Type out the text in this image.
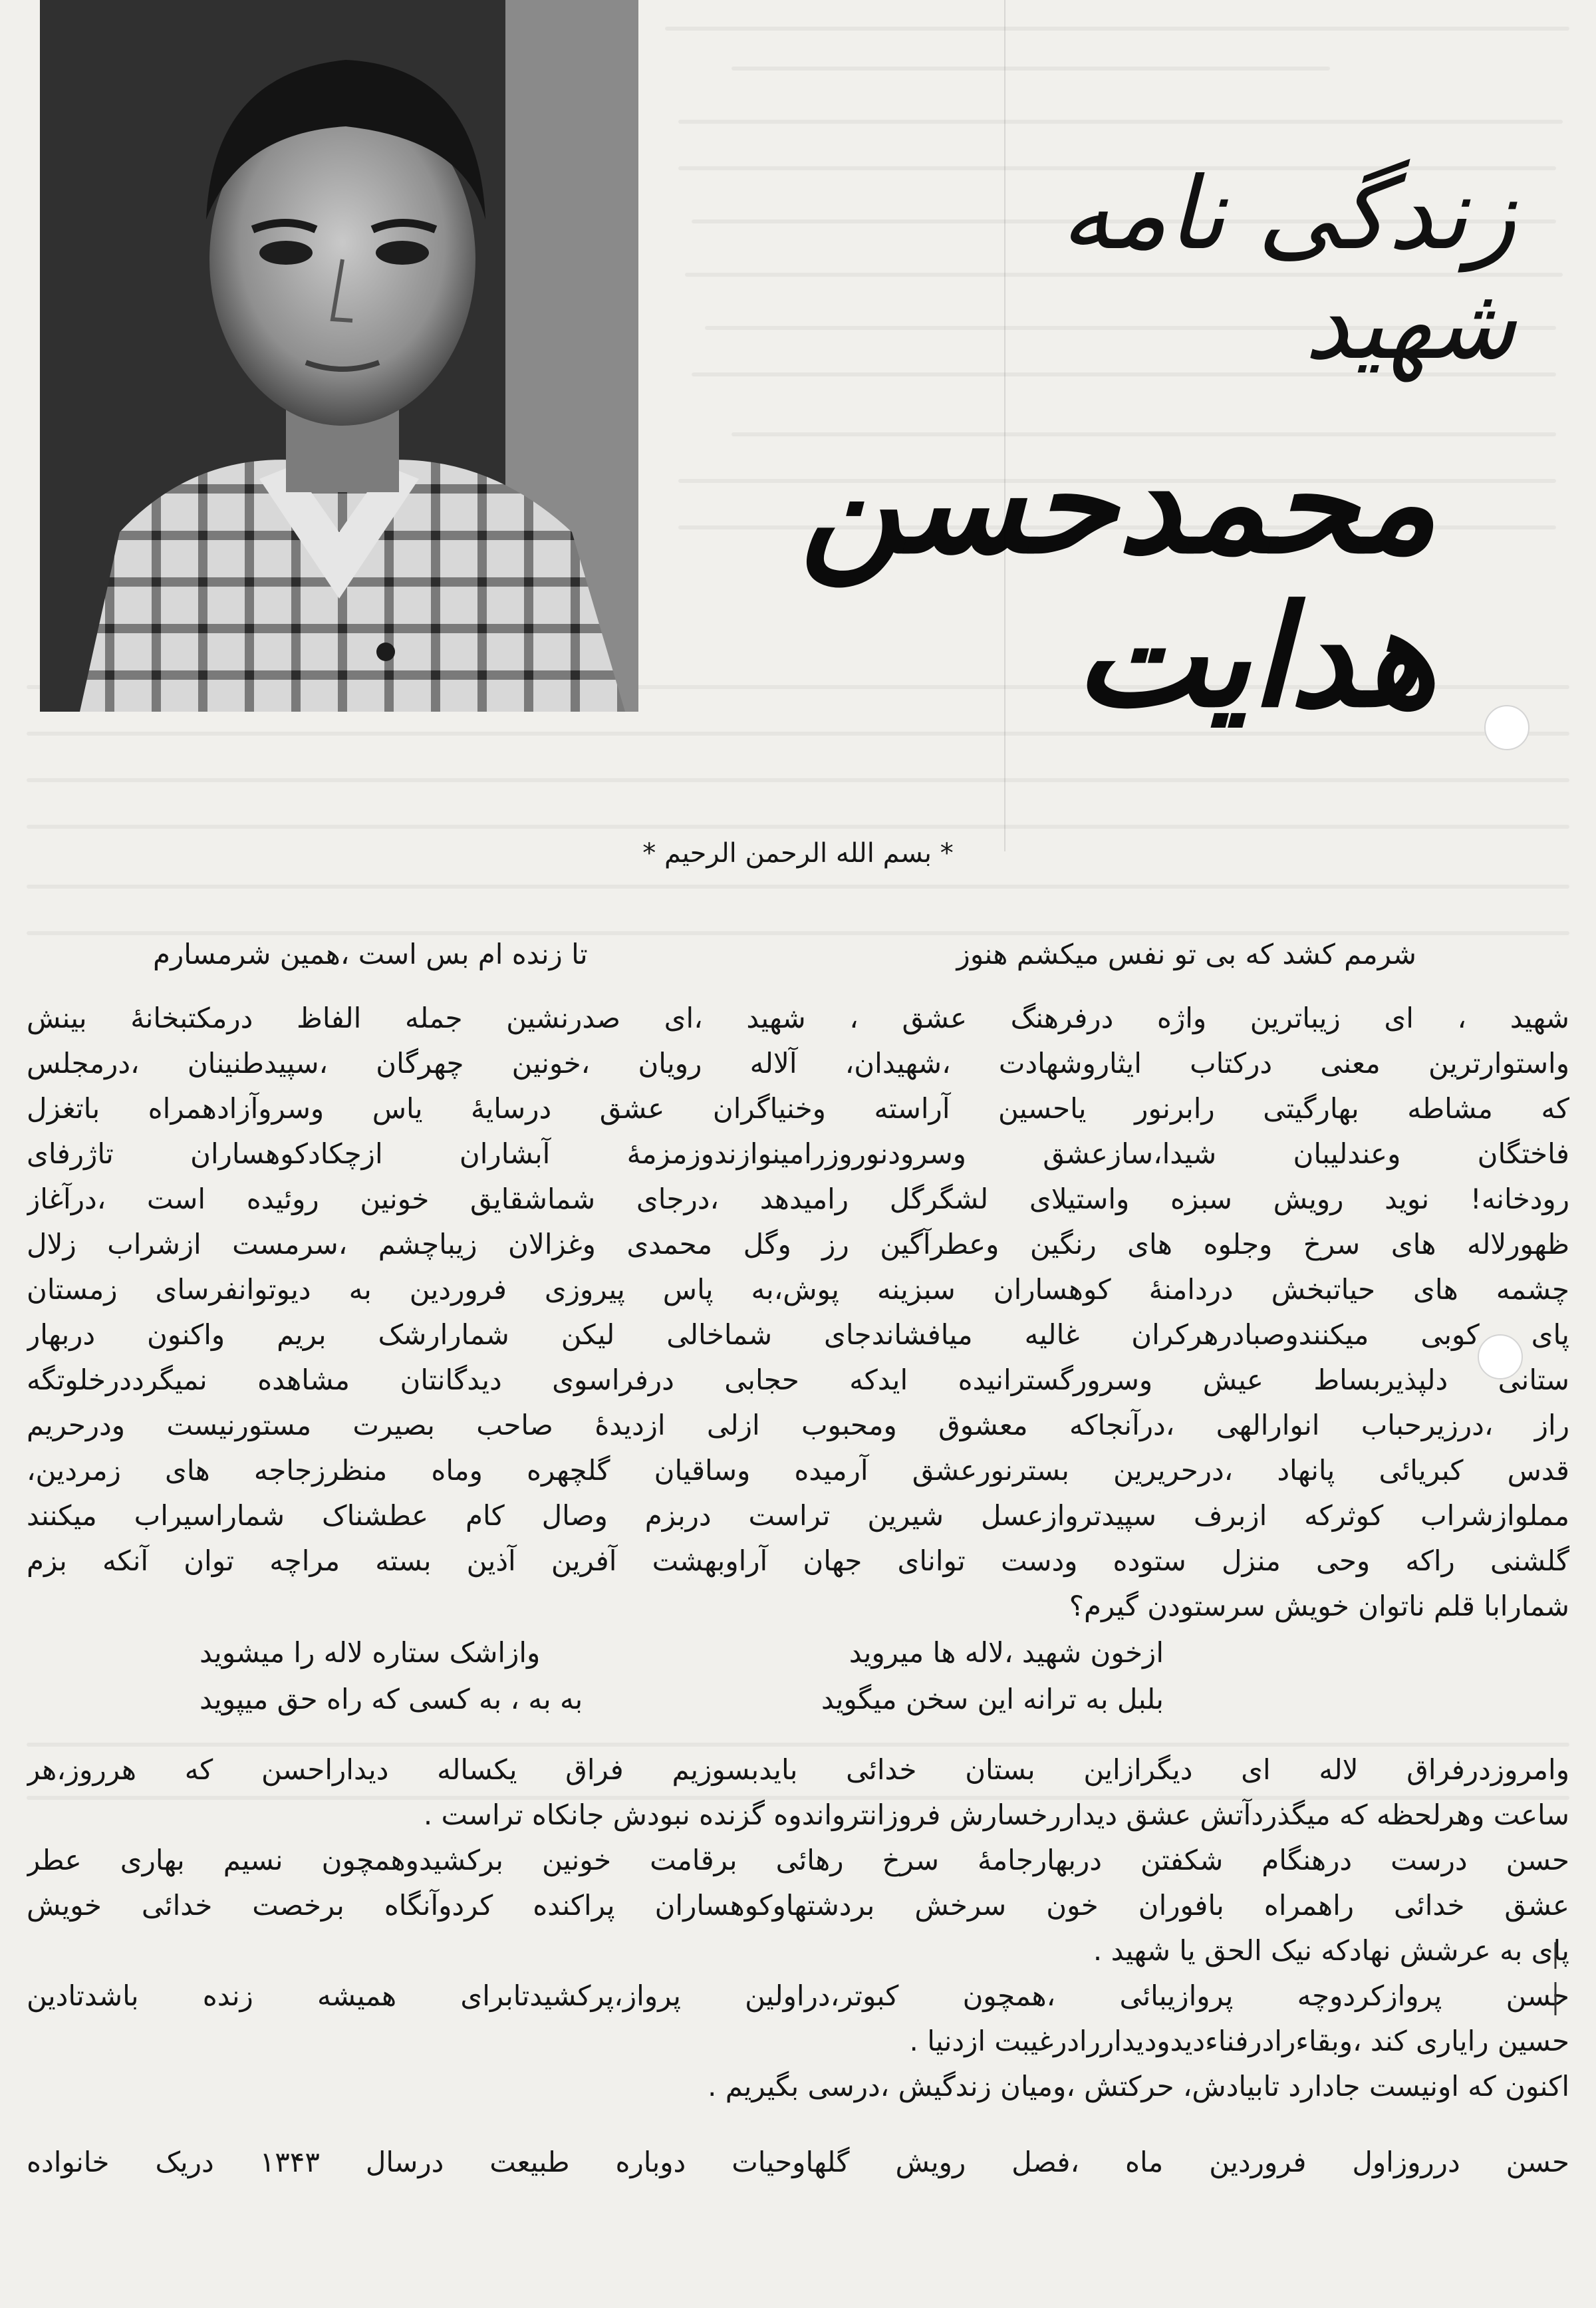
زندگی نامه شهید
محمدحسن هدایت
* بسم الله الرحمن الرحیم *
شرمم کشد که بی تو نفس میکشم هنوز
تا زنده ام بس است ،همین شرمسارم
شهید ، ای زیباترین واژه درفرهنگ عشق ، شهید ،ای صدرنشین جمله الفاظ درمکتبخانهٔ بینش
واستوارترین معنی درکتاب ایثاروشهادت ،شهیدان، آلاله رویان ،خونین چهرگان ،سپیدطنینان ،درمجلس
که مشاطه بهارگیتی رابرنور یاحسین آراسته وخنیاگران عشق درسایهٔ یاس وسروآزادهمراه باتغزل
فاختگان وعندلیبان شیدا،سازعشق وسرودنوروزرامینوازندوزمزمهٔ آبشاران ازچکادکوهساران تاژرفای
رودخانه! نوید رویش سبزه واستیلای لشگرگل رامیدهد ،درجای شماشقایق خونین روئیده است ،درآغاز
ظهورلاله های سرخ وجلوه های رنگین وعطرآگین رز وگل محمدی وغزالان زیباچشم ،سرمست ازشراب زلال
چشمه های حیاتبخش دردامنهٔ کوهساران سبزینه پوش،به پاس پیروزی فروردین به دیوتوانفرسای زمستان
پای کوبی میکنندوصبادرهرکران غالیه میافشاندجای شماخالی لیکن شمارارشک بریم واکنون دربهار
ستانی دلپذیربساط عیش وسرورگسترانیده ایدکه حجابی درفراسوی دیدگانتان مشاهده نمیگرددرخلوتگه
راز ،درزیرحباب انوارالهی ،درآنجاکه معشوق ومحبوب ازلی ازدیدهٔ صاحب بصیرت مستورنیست ودرحریم
قدس کبریائی پانهاد ،درحریرین بسترنورعشق آرمیده وساقیان گلچهره وماه منظرزجاجه های زمردین،
مملوازشراب کوثرکه ازبرف سپیدتروازعسل شیرین تراست دربزم وصال کام عطشناک شماراسیراب میکنند
گلشنی راکه وحی منزل ستوده ودست توانای جهان آراوبهشت آفرین آذین بسته مراچه توان آنکه بزم
شمارابا قلم ناتوان خویش سرستودن گیرم؟
ازخون شهید ،لاله ها میروید
وازاشک ستاره لاله را میشوید
بلبل به ترانه این سخن میگوید
به به ، به کسی که راه حق میپوید
وامروزدرفراق لاله ای دیگرازاین بستان خدائی بایدبسوزیم فراق یکساله دیداراحسن که هرروز،هر
ساعت وهرلحظه که میگذردآتش عشق دیداررخسارش فروزانترواندوه گزنده نبودش جانکاه تراست .
حسن درست درهنگام شکفتن دربهارجامهٔ سرخ رهائی برقامت خونین برکشیدوهمچون نسیم بهاری عطر
عشق خدائی راهمراه بافوران خون سرخش بردشتهاوکوهساران پراکنده کردوآنگاه برخصت خدائی خویش
پای به عرشش نهادکه نیک الحق یا شهید .
حسن پروازکردوچه پروازیبائی ،همچون کبوتر،دراولین پرواز،پرکشیدتابرای همیشه زنده باشدتادین
حسین رایاری کند ،وبقاءرادرفناءدیدودیداررادرغیبت ازدنیا .
اکنون که اونیست جادارد تابیادش، حرکتش ،ومیان زندگیش ،درسی بگیریم .
حسن درروزاول فروردین ماه ،فصل رویش گلهاوحیات دوباره طبیعت درسال ۱۳۴۳ دریک خانواده
